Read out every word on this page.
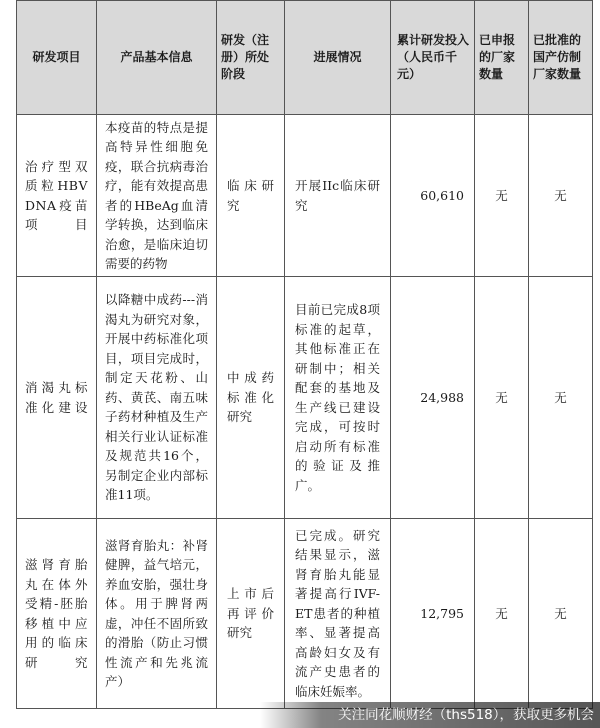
研发项目	产品基本信息	研发（注册）所处阶段	进展情况	累计研发投入（人民币千元）	已申报的厂家数量	已批准的国产仿制厂家数量
治疗型双质粒HBV DNA疫苗项目	本疫苗的特点是提高特异性细胞免疫，联合抗病毒治疗，能有效提高患者的HBeAg血清学转换，达到临床治愈，是临床迫切需要的药物	临床研究	开展IIc临床研究	60,610	无	无
消渴丸标准化建设	以降糖中成药---消渴丸为研究对象，开展中药标准化项目，项目完成时，制定天花粉、山药、黄芪、南五味子药材种植及生产相关行业认证标准及规范共16个，另制定企业内部标准11项。	中成药标准化研究	目前已完成8项标准的起草，其他标准正在研制中；相关配套的基地及生产线已建设完成，可按时启动所有标准的验证及推广。	24,988	无	无
滋肾育胎丸在体外受精-胚胎移植中应用的临床研究	滋肾育胎丸：补肾健脾，益气培元，养血安胎，强壮身体。用于脾肾两虚，冲任不固所致的滑胎（防止习惯性流产和先兆流产）	上市后再评价研究	已完成。研究结果显示，滋肾育胎丸能显著提高行IVF-ET患者的种植率、显著提高高龄妇女及有流产史患者的临床妊娠率。	12,795	无	无
关注同花顺财经（ths518），获取更多机会
